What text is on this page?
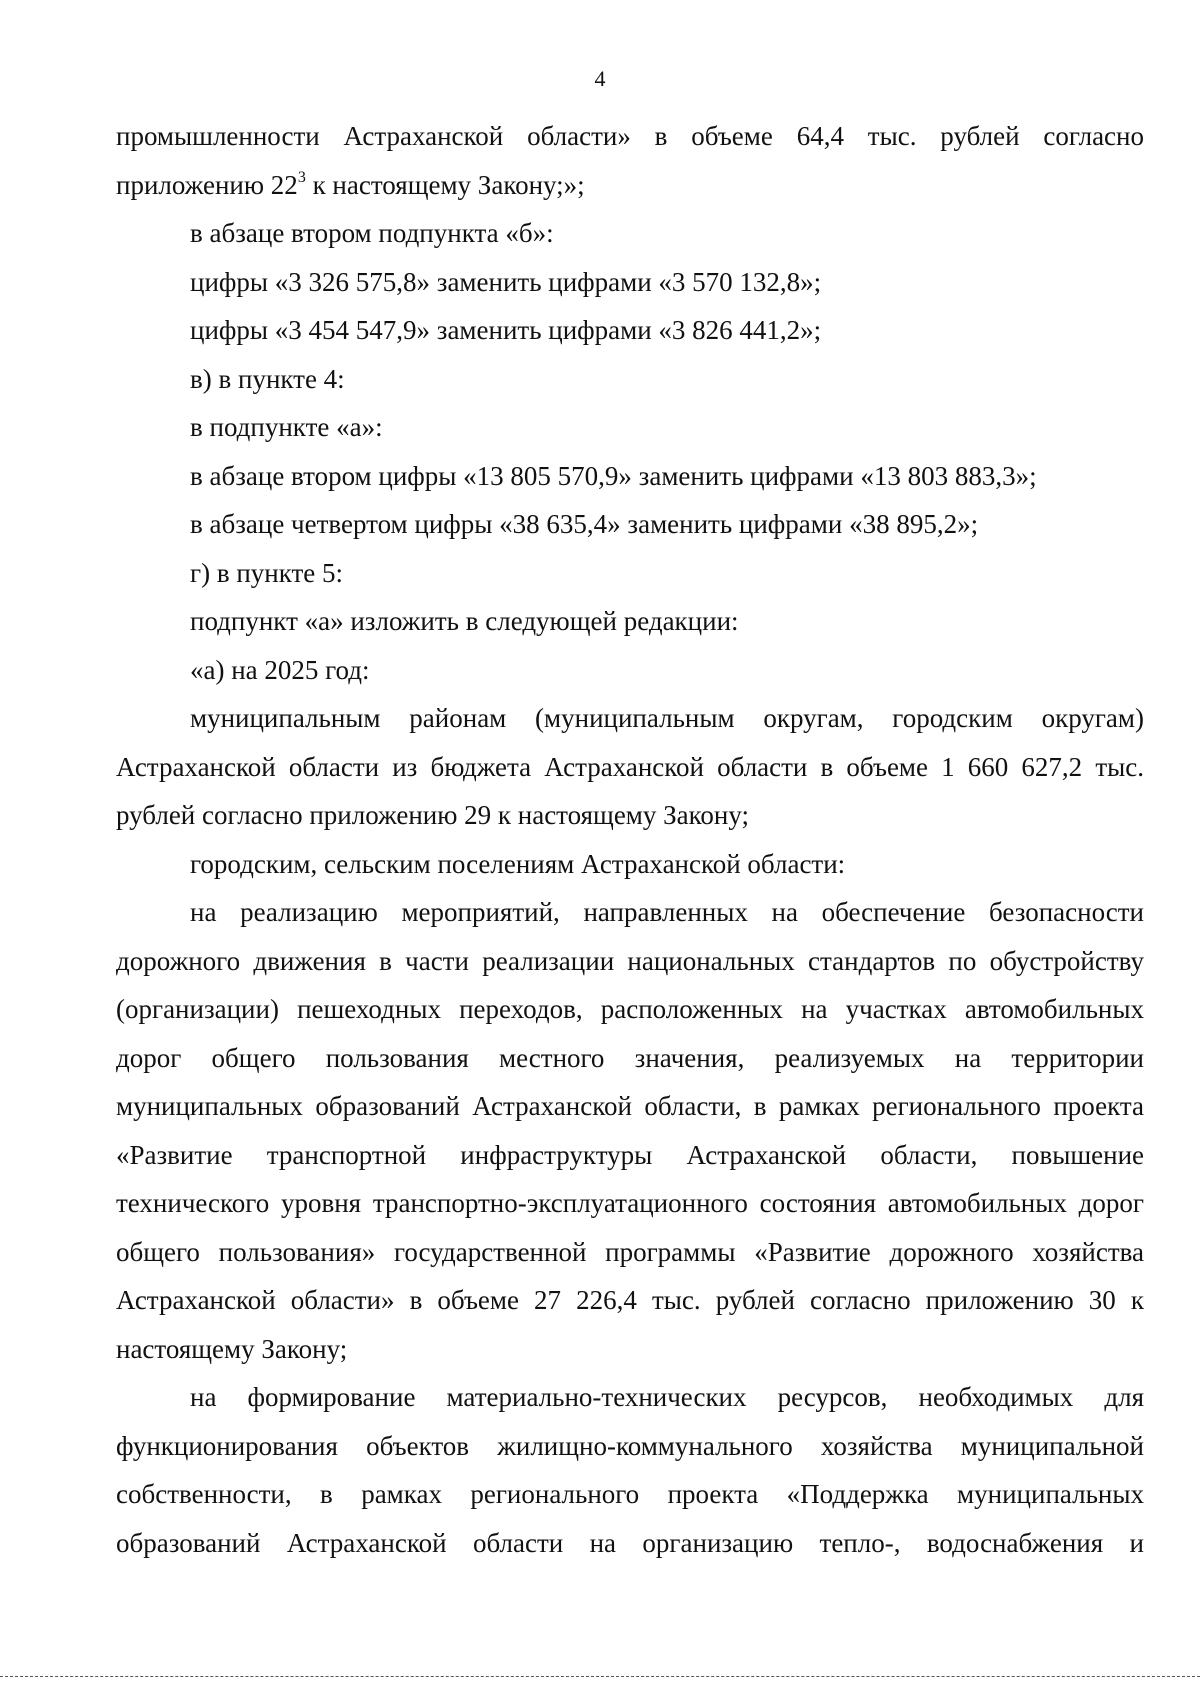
4

промышленности Астраханской области» в объеме 64,4 тыс. рублей согласно приложению $22^3$ к настоящему Закону;»;

в абзаце втором подпункта «б»:

цифры «3 326 575,8» заменить цифрами «3 570 132,8»;

цифры «3 454 547,9» заменить цифрами «3 826 441,2»;

в) в пункте 4:

в подпункте «а»:

в абзаце втором цифры «13 805 570,9» заменить цифрами «13 803 883,3»;

в абзаце четвертом цифры «38 635,4» заменить цифрами «38 895,2»;

г) в пункте 5:

подпункт «а» изложить в следующей редакции:

«а) на 2025 год:

муниципальным районам (муниципальным округам, городским округам) Астраханской области из бюджета Астраханской области в объеме 1 660 627,2 тыс. рублей согласно приложению 29 к настоящему Закону;

городским, сельским поселениям Астраханской области:

на реализацию мероприятий, направленных на обеспечение безопасности дорожного движения в части реализации национальных стандартов по обустройству (организации) пешеходных переходов, расположенных на участках автомобильных дорог общего пользования местного значения, реализуемых на территории муниципальных образований Астраханской области, в рамках регионального проекта «Развитие транспортной инфраструктуры Астраханской области, повышение технического уровня транспортно-эксплуатационного состояния автомобильных дорог общего пользования» государственной программы «Развитие дорожного хозяйства Астраханской области» в объеме 27 226,4 тыс. рублей согласно приложению 30 к настоящему Закону;

на формирование материально-технических ресурсов, необходимых для функционирования объектов жилищно-коммунального хозяйства муниципальной собственности, в рамках регионального проекта «Поддержка муниципальных образований Астраханской области на организацию тепло-, водоснабжения и
